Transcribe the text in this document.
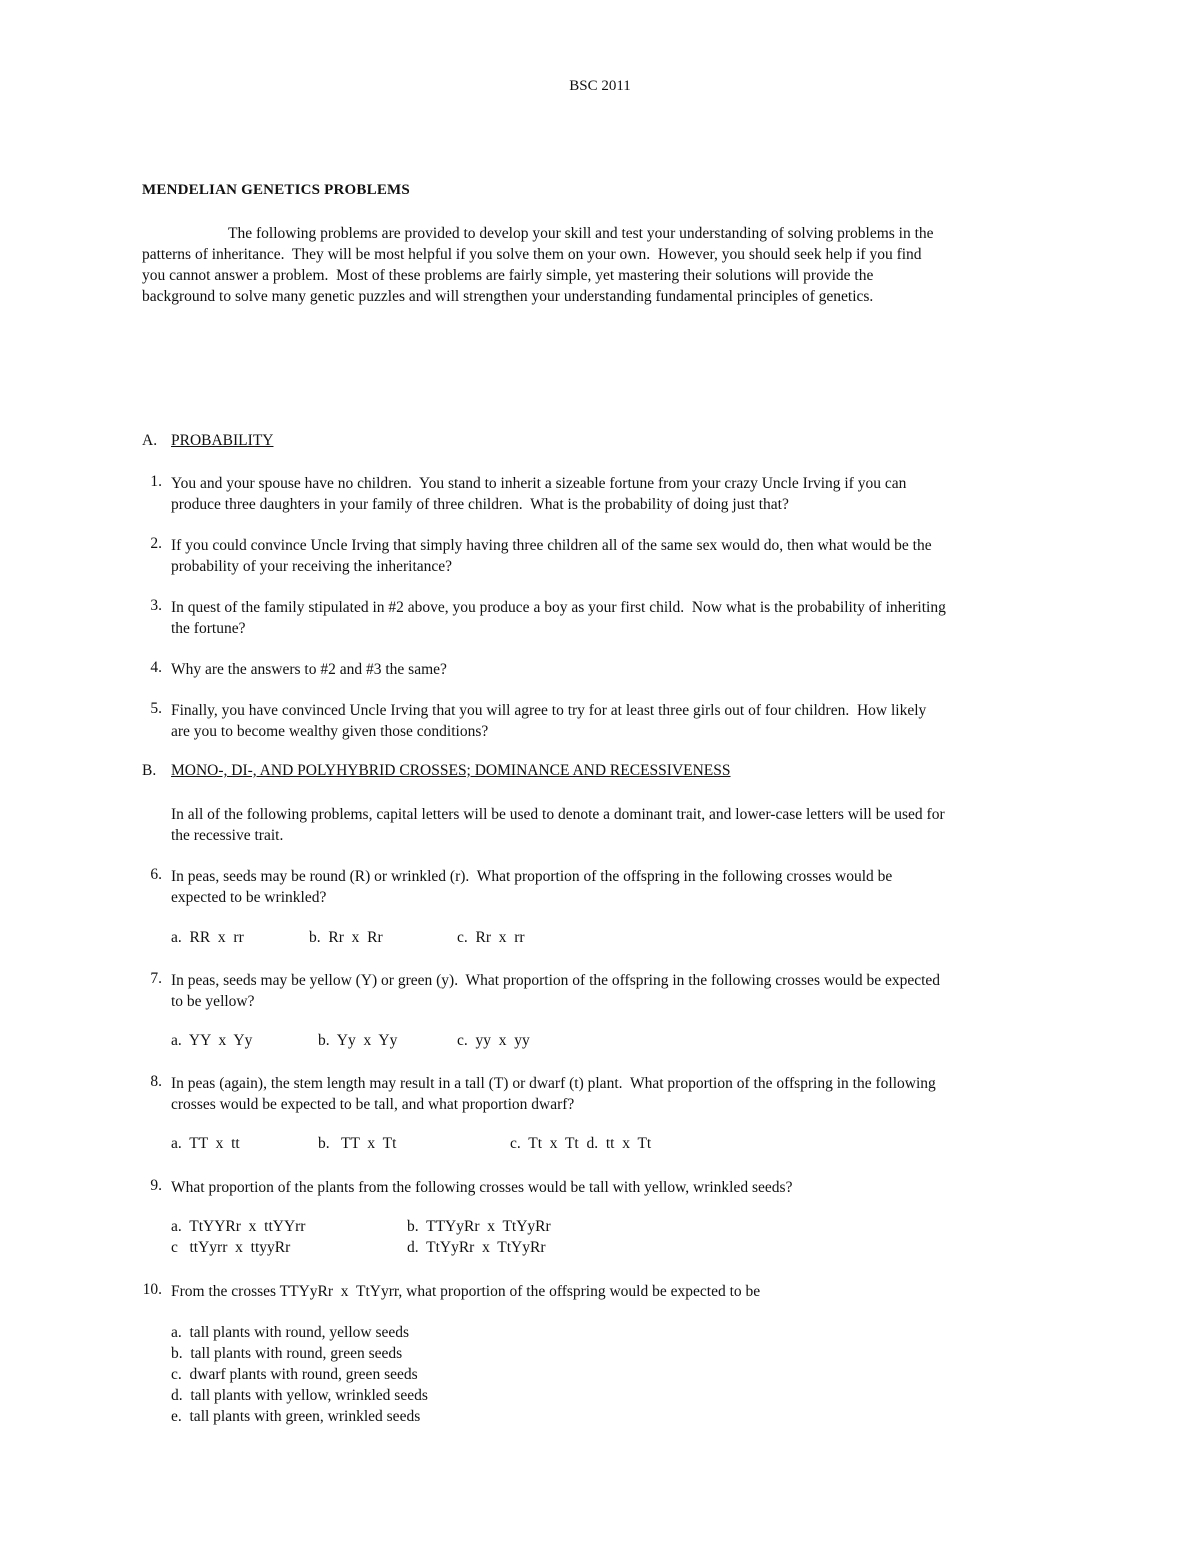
BSC 2011
MENDELIAN GENETICS PROBLEMS
The following problems are provided to develop your skill and test your understanding of solving problems in the
patterns of inheritance.  They will be most helpful if you solve them on your own.  However, you should seek help if you find
you cannot answer a problem.  Most of these problems are fairly simple, yet mastering their solutions will provide the
background to solve many genetic puzzles and will strengthen your understanding fundamental principles of genetics.
A. PROBABILITY
1. You and your spouse have no children.  You stand to inherit a sizeable fortune from your crazy Uncle Irving if you can
produce three daughters in your family of three children.  What is the probability of doing just that?
2. If you could convince Uncle Irving that simply having three children all of the same sex would do, then what would be the
probability of your receiving the inheritance?
3. In quest of the family stipulated in #2 above, you produce a boy as your first child.  Now what is the probability of inheriting
the fortune?
4. Why are the answers to #2 and #3 the same?
5. Finally, you have convinced Uncle Irving that you will agree to try for at least three girls out of four children.  How likely
are you to become wealthy given those conditions?
B. MONO-, DI-, AND POLYHYBRID CROSSES; DOMINANCE AND RECESSIVENESS
In all of the following problems, capital letters will be used to denote a dominant trait, and lower-case letters will be used for
the recessive trait.
6. In peas, seeds may be round (R) or wrinkled (r).  What proportion of the offspring in the following crosses would be
expected to be wrinkled?
a.  RR  x  rr	b.  Rr  x  Rr	c.  Rr  x  rr
7. In peas, seeds may be yellow (Y) or green (y).  What proportion of the offspring in the following crosses would be expected
to be yellow?
a.  YY  x  Yy	b.  Yy  x  Yy	c.  yy  x  yy
8. In peas (again), the stem length may result in a tall (T) or dwarf (t) plant.  What proportion of the offspring in the following
crosses would be expected to be tall, and what proportion dwarf?
a.  TT  x  tt	b.   TT  x  Tt	c.  Tt  x  Tt  d.  tt  x  Tt
9. What proportion of the plants from the following crosses would be tall with yellow, wrinkled seeds?
a.  TtYYRr  x  ttYYrr	b.  TTYyRr  x  TtYyRr
c   ttYyrr  x  ttyyRr	d.  TtYyRr  x  TtYyRr
10. From the crosses TTYyRr  x  TtYyrr, what proportion of the offspring would be expected to be
a.  tall plants with round, yellow seeds
b.  tall plants with round, green seeds
c.  dwarf plants with round, green seeds
d.  tall plants with yellow, wrinkled seeds
e.  tall plants with green, wrinkled seeds
